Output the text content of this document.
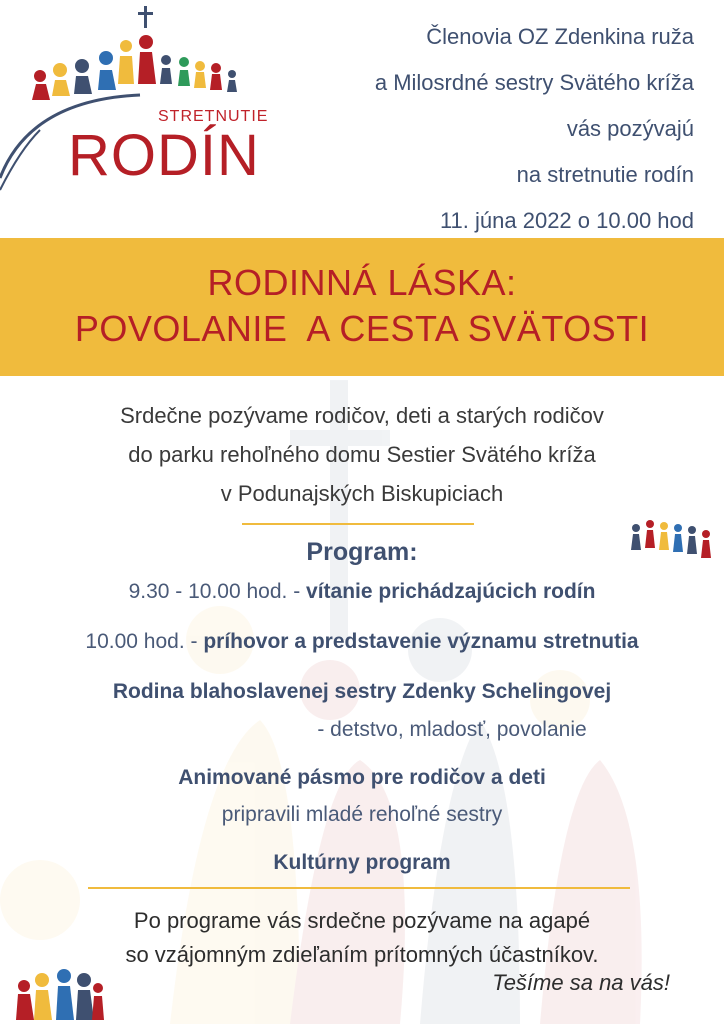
STRETNUTIE
RODÍN
Členovia OZ Zdenkina ruža
a Milosrdné sestry Svätého kríža
vás pozývajú
na stretnutie rodín
11. júna 2022 o 10.00 hod
RODINNÁ LÁSKA:
POVOLANIE  A CESTA SVÄTOSTI
Srdečne pozývame rodičov, deti a starých rodičov
do parku rehoľného domu Sestier Svätého kríža
v Podunajských Biskupiciach
Program:
9.30 - 10.00 hod. - vítanie prichádzajúcich rodín
10.00 hod. - príhovor a predstavenie významu stretnutia
Rodina blahoslavenej sestry Zdenky Schelingovej
- detstvo, mladosť, povolanie
Animované pásmo pre rodičov a deti
pripravili mladé rehoľné sestry
Kultúrny program
Po programe vás srdečne pozývame na agapé
so vzájomným zdieľaním prítomných účastníkov.
Tešíme sa na vás!
